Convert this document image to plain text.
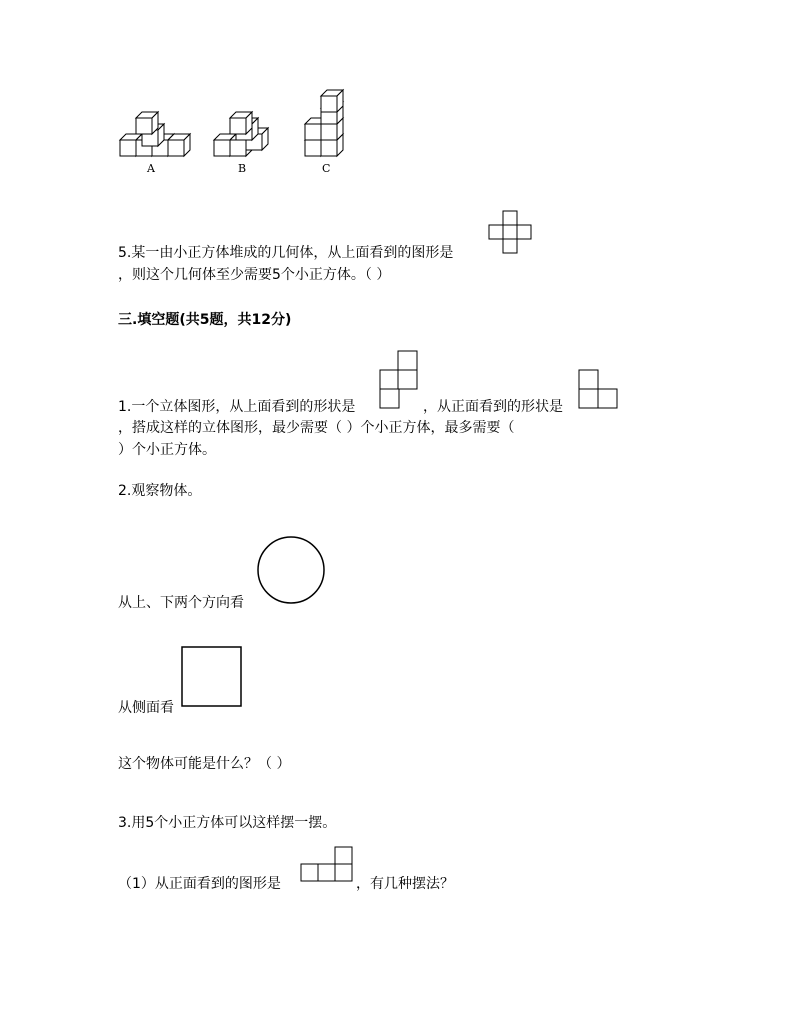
A	B	C
5.某一由小正方体堆成的几何体，从上面看到的图形是
，则这个几何体至少需要5个小正方体。（ ）
三.填空题(共5题，共12分)
1.一个立体图形，从上面看到的形状是	，从正面看到的形状是
，搭成这样的立体图形，最少需要（ ）个小正方体，最多需要（
）个小正方体。
2.观察物体。
从上、下两个方向看
从侧面看
这个物体可能是什么？（ ）
3.用5个小正方体可以这样摆一摆。
（1）从正面看到的图形是	，有几种摆法？
